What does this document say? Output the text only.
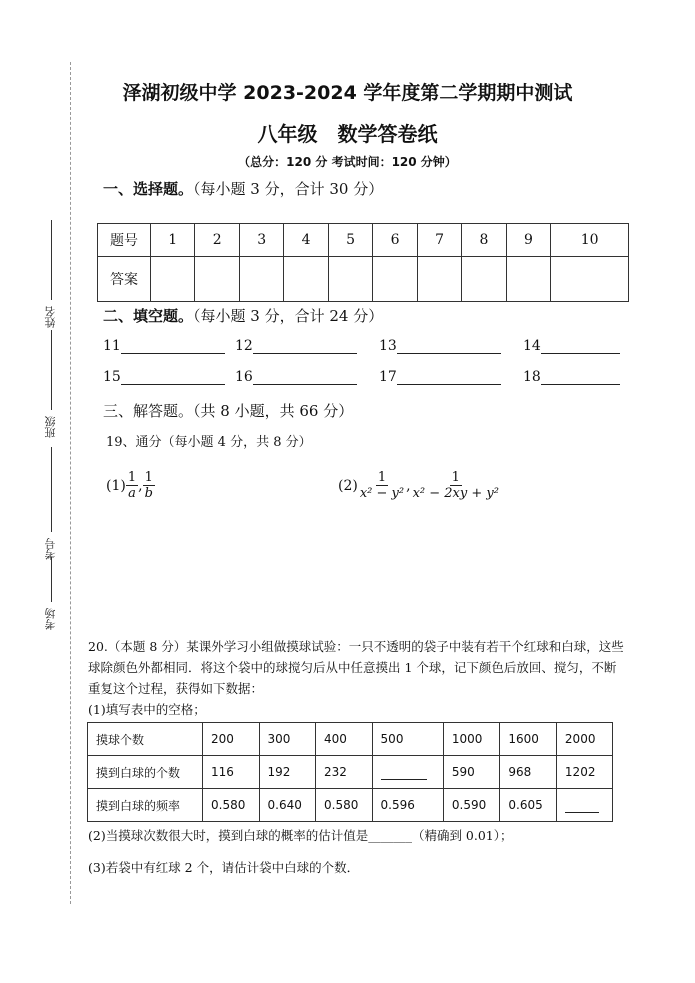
姓名
班级
考号
考场
泽湖初级中学 2023-2024 学年度第二学期期中测试
八年级　数学答卷纸
（总分：120 分 考试时间：120 分钟）
一、选择题。（每小题 3 分，合计 30 分）
题号	1	2	3	4	5	6	7	8	9	10
答案										
二、填空题。（每小题 3 分，合计 24 分）
11	12	13	14
15	16	17	18
三、解答题。（共 8 小题，共 66 分）
19、通分（每小题 4 分，共 8 分）
$(1) \frac{1}{a}$ , $\frac{1}{b}$	$(2) \frac{1}{\text{x² − y²}}$ , $\frac{1}{\text{x² − 2xy + y²}}$
20.（本题 8 分）某课外学习小组做摸球试验：一只不透明的袋子中装有若干个红球和白球，这些球除颜色外都相同．将这个袋中的球搅匀后从中任意摸出 1 个球，记下颜色后放回、搅匀，不断重复这个过程，获得如下数据：
(1)填写表中的空格；
摸球个数	200	300	400	500	1000	1600	2000
摸到白球的个数	116	192	232		590	968	1202
摸到白球的频率	0.580	0.640	0.580	0.596	0.590	0.605	
(2)当摸球次数很大时，摸到白球的概率的估计值是_______（精确到 0.01）；
(3)若袋中有红球 2 个，请估计袋中白球的个数．
